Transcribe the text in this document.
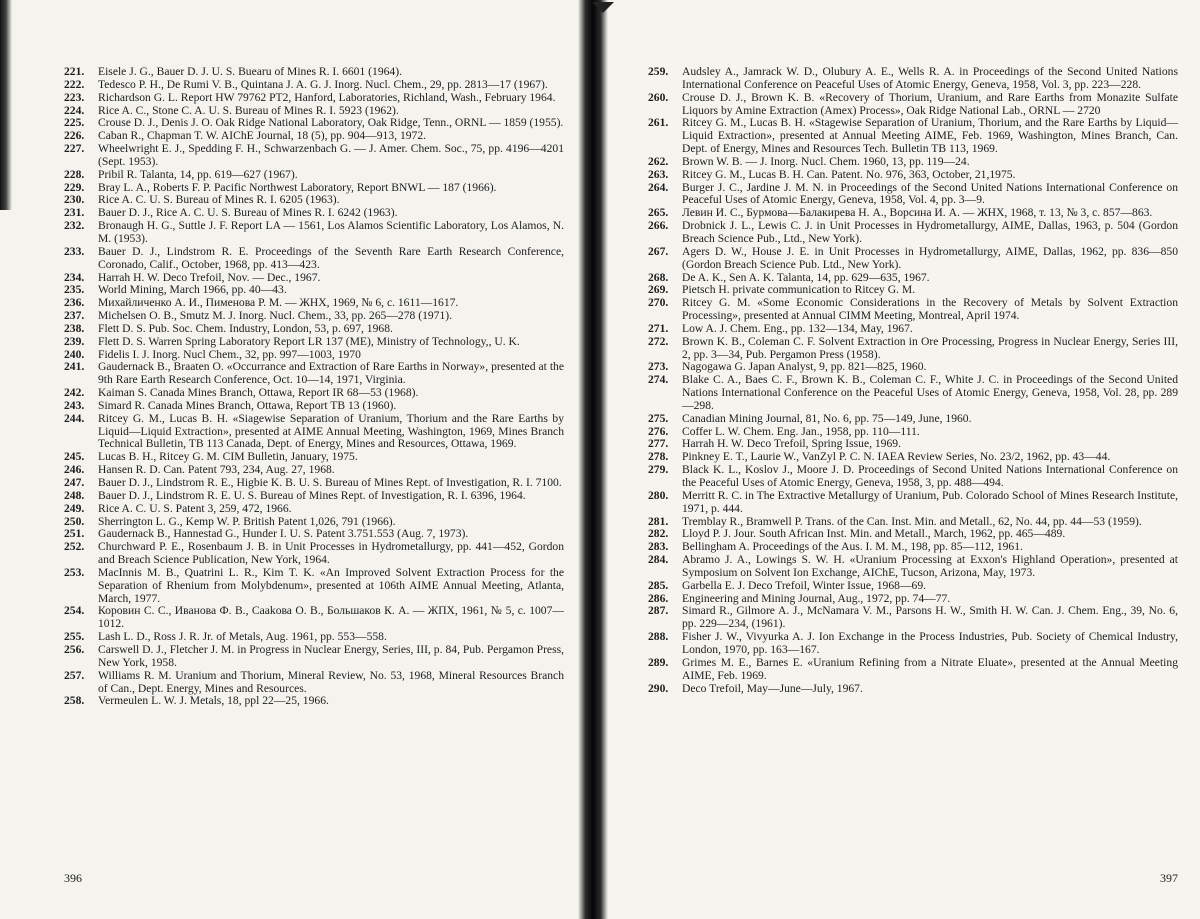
221.	Eisele J. G., Bauer D. J. U. S. Buearu of Mines R. I. 6601 (1964).
222.	Tedesco P. H., De Rumi V. B., Quintana J. A. G. J. Inorg. Nucl. Chem., 29, pp. 2813—17 (1967).
223.	Richardson G. L. Report HW 79762 PT2, Hanford, Laboratories, Richland, Wash., February 1964.
224.	Rice A. C., Stone C. A. U. S. Bureau of Mines R. I. 5923 (1962).
225.	Crouse D. J., Denis J. O. Oak Ridge National Laboratory, Oak Ridge, Tenn., ORNL — 1859 (1955).
226.	Caban R., Chapman T. W. AIChE Journal, 18 (5), pp. 904—913, 1972.
227.	Wheelwright E. J., Spedding F. H., Schwarzenbach G. — J. Amer. Chem. Soc., 75, pp. 4196—4201 (Sept. 1953).
228.	Pribil R. Talanta, 14, pp. 619—627 (1967).
229.	Bray L. A., Roberts F. P. Pacific Northwest Laboratory, Report BNWL — 187 (1966).
230.	Rice A. C. U. S. Bureau of Mines R. I. 6205 (1963).
231.	Bauer D. J., Rice A. C. U. S. Bureau of Mines R. I. 6242 (1963).
232.	Bronaugh H. G., Suttle J. F. Report LA — 1561, Los Alamos Scientific Laboratory, Los Alamos, N. M. (1953).
233.	Bauer D. J., Lindstrom R. E. Proceedings of the Seventh Rare Earth Research Conference, Coronado, Calif., October, 1968, pp. 413—423.
234.	Harrah H. W. Deco Trefoil, Nov. — Dec., 1967.
235.	World Mining, March 1966, pp. 40—43.
236.	Михайличенко А. И., Пименова Р. М. — ЖНХ, 1969, № 6, с. 1611—1617.
237.	Michelsen O. B., Smutz M. J. Inorg. Nucl. Chem., 33, pp. 265—278 (1971).
238.	Flett D. S. Pub. Soc. Chem. Industry, London, 53, p. 697, 1968.
239.	Flett D. S. Warren Spring Laboratory Report LR 137 (ME), Ministry of Technology,, U. K.
240.	Fidelis I. J. Inorg. Nucl Chem., 32, pp. 997—1003, 1970
241.	Gaudernack B., Braaten O. «Occurrance and Extraction of Rare Earths in Norway», presented at the 9th Rare Earth Research Conference, Oct. 10—14, 1971, Virginia.
242.	Kaiman S. Canada Mines Branch, Ottawa, Report IR 68—53 (1968).
243.	Simard R. Canada Mines Branch, Ottawa, Report TB 13 (1960).
244.	Ritcey G. M., Lucas B. H. «Siagewise Separation of Uranium, Thorium and the Rare Earths by Liquid—Liquid Extraction», presented at AIME Annual Meeting, Washington, 1969, Mines Branch Technical Bulletin, TB 113 Canada, Dept. of Energy, Mines and Resources, Ottawa, 1969.
245.	Lucas B. H., Ritcey G. M. CIM Bulletin, January, 1975.
246.	Hansen R. D. Can. Patent 793, 234, Aug. 27, 1968.
247.	Bauer D. J., Lindstrom R. E., Higbie K. B. U. S. Bureau of Mines Rept. of Investigation, R. I. 7100.
248.	Bauer D. J., Lindstrom R. E. U. S. Bureau of Mines Rept. of Investigation, R. I. 6396, 1964.
249.	Rice A. C. U. S. Patent 3, 259, 472, 1966.
250.	Sherrington L. G., Kemp W. P. British Patent 1,026, 791 (1966).
251.	Gaudernack B., Hannestad G., Hunder I. U. S. Patent 3.751.553 (Aug. 7, 1973).
252.	Churchward P. E., Rosenbaum J. B. in Unit Processes in Hydrometallurgy, pp. 441—452, Gordon and Breach Science Publication, New York, 1964.
253.	MacInnis M. B., Quatrini L. R., Kim T. K. «An Improved Solvent Extraction Process for the Separation of Rhenium from Molybdenum», presented at 106th AIME Annual Meeting, Atlanta, March, 1977.
254.	Коровин С. С., Иванова Ф. В., Сааkова О. В., Большаков К. А. — ЖПХ, 1961, № 5, с. 1007—1012.
255.	Lash L. D., Ross J. R. Jr. of Metals, Aug. 1961, pp. 553—558.
256.	Carswell D. J., Fletcher J. M. in Progress in Nuclear Energy, Series, III, p. 84, Pub. Pergamon Press, New York, 1958.
257.	Williams R. M. Uranium and Thorium, Mineral Review, No. 53, 1968, Mineral Resources Branch of Can., Dept. Energy, Mines and Resources.
258.	Vermeulen L. W. J. Metals, 18, ppl 22—25, 1966.
396
259.	Audsley A., Jamrack W. D., Olubury A. E., Wells R. A. in Proceedings of the Second United Nations International Conference on Peaceful Uses of Atomic Energy, Geneva, 1958, Vol. 3, pp. 223—228.
260.	Crouse D. J., Brown K. B. «Recovery of Thorium, Uranium, and Rare Earths from Monazite Sulfate Liquors by Amine Extraction (Amex) Process», Oak Ridge National Lab., ORNL — 2720
261.	Ritcey G. M., Lucas B. H. «Stagewise Separation of Uranium, Thorium, and the Rare Earths by Liquid—Liquid Extraction», presented at Annual Meeting AIME, Feb. 1969, Washington, Mines Branch, Can. Dept. of Energy, Mines and Resources Tech. Bulletin TB 113, 1969.
262.	Brown W. B. — J. Inorg. Nucl. Chem. 1960, 13, pp. 119—24.
263.	Ritcey G. M., Lucas B. H. Can. Patent. No. 976, 363, October, 21,1975.
264.	Burger J. C., Jardine J. M. N. in Proceedings of the Second United Nations International Conference on Peaceful Uses of Atomic Energy, Geneva, 1958, Vol. 4, pp. 3—9.
265.	Левин И. С., Бурмова—Балакирева Н. А., Ворсина И. А. — ЖНХ, 1968, т. 13, № 3, с. 857—863.
266.	Drobnick J. L., Lewis C. J. in Unit Processes in Hydrometallurgy, AIME, Dallas, 1963, p. 504 (Gordon Breach Science Pub., Ltd., New York).
267.	Agers D. W., House J. E. in Unit Processes in Hydrometallurgy, AIME, Dallas, 1962, pp. 836—850 (Gordon Breach Science Pub. Ltd., New York).
268.	De A. K., Sen A. K. Talanta, 14, pp. 629—635, 1967.
269.	Pietsch H. private communication to Ritcey G. M.
270.	Ritcey G. M. «Some Economic Considerations in the Recovery of Metals by Solvent Extraction Processing», presented at Annual CIMM Meeting, Montreal, April 1974.
271.	Low A. J. Chem. Eng., pp. 132—134, May, 1967.
272.	Brown K. B., Coleman C. F. Solvent Extraction in Ore Processing, Progress in Nuclear Energy, Series III, 2, pp. 3—34, Pub. Pergamon Press (1958).
273.	Nagogawa G. Japan Analyst, 9, pp. 821—825, 1960.
274.	Blake C. A., Baes C. F., Brown K. B., Coleman C. F., White J. C. in Proceedings of the Second United Nations International Conference on the Peaceful Uses of Atomic Energy, Geneva, 1958, Vol. 28, pp. 289—298.
275.	Canadian Mining Journal, 81, No. 6, pp. 75—149, June, 1960.
276.	Coffer L. W. Chem. Eng. Jan., 1958, pp. 110—111.
277.	Harrah H. W. Deco Trefoil, Spring Issue, 1969.
278.	Pinkney E. T., Laurie W., VanZyl P. C. N. IAEA Review Series, No. 23/2, 1962, pp. 43—44.
279.	Black K. L., Koslov J., Moore J. D. Proceedings of Second United Nations International Conference on the Peaceful Uses of Atomic Energy, Geneva, 1958, 3, pp. 488—494.
280.	Merritt R. C. in The Extractive Metallurgy of Uranium, Pub. Colorado School of Mines Research Institute, 1971, p. 444.
281.	Tremblay R., Bramwell P. Trans. of the Can. Inst. Min. and Metall., 62, No. 44, pp. 44—53 (1959).
282.	Lloyd P. J. Jour. South African Inst. Min. and Metall., March, 1962, pp. 465—489.
283.	Bellingham A. Proceedings of the Aus. I. M. M., 198, pp. 85—112, 1961.
284.	Abramo J. A., Lowings S. W. H. «Uranium Processing at Exxon's Highland Operation», presented at Symposium on Solvent Ion Exchange, AIChE, Tucson, Arizona, May, 1973.
285.	Garbella E. J. Deco Trefoil, Winter Issue, 1968—69.
286.	Engineering and Mining Journal, Aug., 1972, pp. 74—77.
287.	Simard R., Gilmore A. J., McNamara V. M., Parsons H. W., Smith H. W. Can. J. Chem. Eng., 39, No. 6, pp. 229—234, (1961).
288.	Fisher J. W., Vivyurka A. J. Ion Exchange in the Process Industries, Pub. Society of Chemical Industry, London, 1970, pp. 163—167.
289.	Grimes M. E., Barnes E. «Uranium Refining from a Nitrate Eluate», presented at the Annual Meeting AIME, Feb. 1969.
290.	Deco Trefoil, May—June—July, 1967.
397
